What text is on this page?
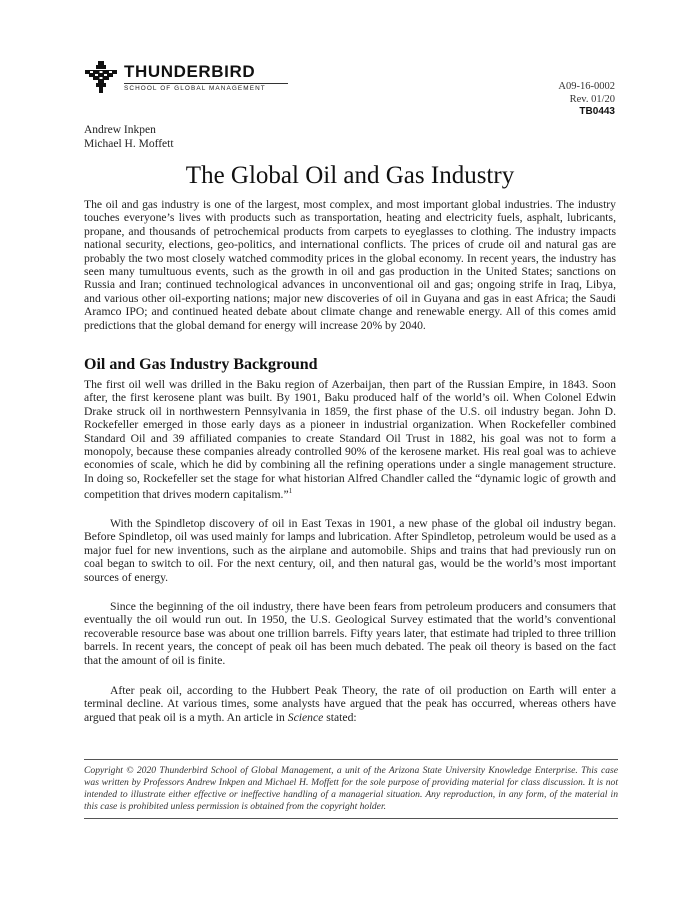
THUNDERBIRD
SCHOOL OF GLOBAL MANAGEMENT	A09-16-0002
Rev. 01/20
TB0443
Andrew Inkpen
Michael H. Moffett
The Global Oil and Gas Industry

The oil and gas industry is one of the largest, most complex, and most important global industries. The industry touches everyone’s lives with products such as transportation, heating and electricity fuels, asphalt, lubricants, propane, and thousands of petrochemical products from carpets to eyeglasses to clothing. The industry impacts national security, elections, geo-politics, and international conflicts. The prices of crude oil and natural gas are probably the two most closely watched commodity prices in the global economy. In recent years, the industry has seen many tumultuous events, such as the growth in oil and gas production in the United States; sanctions on Russia and Iran; continued technological advances in unconventional oil and gas; ongoing strife in Iraq, Libya, and various other oil-exporting nations; major new discoveries of oil in Guyana and gas in east Africa; the Saudi Aramco IPO; and continued heated debate about climate change and renewable energy. All of this comes amid predictions that the global demand for energy will increase 20% by 2040.

Oil and Gas Industry Background

The first oil well was drilled in the Baku region of Azerbaijan, then part of the Russian Empire, in 1843. Soon after, the first kerosene plant was built. By 1901, Baku produced half of the world’s oil. When Colonel Edwin Drake struck oil in northwestern Pennsylvania in 1859, the first phase of the U.S. oil industry began. John D. Rockefeller emerged in those early days as a pioneer in industrial organization. When Rockefeller combined Standard Oil and 39 affiliated companies to create Standard Oil Trust in 1882, his goal was not to form a monopoly, because these companies already controlled 90% of the kerosene market. His real goal was to achieve economies of scale, which he did by combining all the refining operations under a single management structure. In doing so, Rockefeller set the stage for what historian Alfred Chandler called the “dynamic logic of growth and competition that drives modern capitalism.”$^1$

With the Spindletop discovery of oil in East Texas in 1901, a new phase of the global oil industry began. Before Spindletop, oil was used mainly for lamps and lubrication. After Spindletop, petroleum would be used as a major fuel for new inventions, such as the airplane and automobile. Ships and trains that had previously run on coal began to switch to oil. For the next century, oil, and then natural gas, would be the world’s most important sources of energy.

Since the beginning of the oil industry, there have been fears from petroleum producers and consumers that eventually the oil would run out. In 1950, the U.S. Geological Survey estimated that the world’s conventional recoverable resource base was about one trillion barrels. Fifty years later, that estimate had tripled to three trillion barrels. In recent years, the concept of peak oil has been much debated. The peak oil theory is based on the fact that the amount of oil is finite.

After peak oil, according to the Hubbert Peak Theory, the rate of oil production on Earth will enter a terminal decline. At various times, some analysts have argued that the peak has occurred, whereas others have argued that peak oil is a myth. An article in Science stated:

Copyright © 2020 Thunderbird School of Global Management, a unit of the Arizona State University Knowledge Enterprise. This case was written by Professors Andrew Inkpen and Michael H. Moffett for the sole purpose of providing material for class discussion. It is not intended to illustrate either effective or ineffective handling of a managerial situation. Any reproduction, in any form, of the material in this case is prohibited unless permission is obtained from the copyright holder.
